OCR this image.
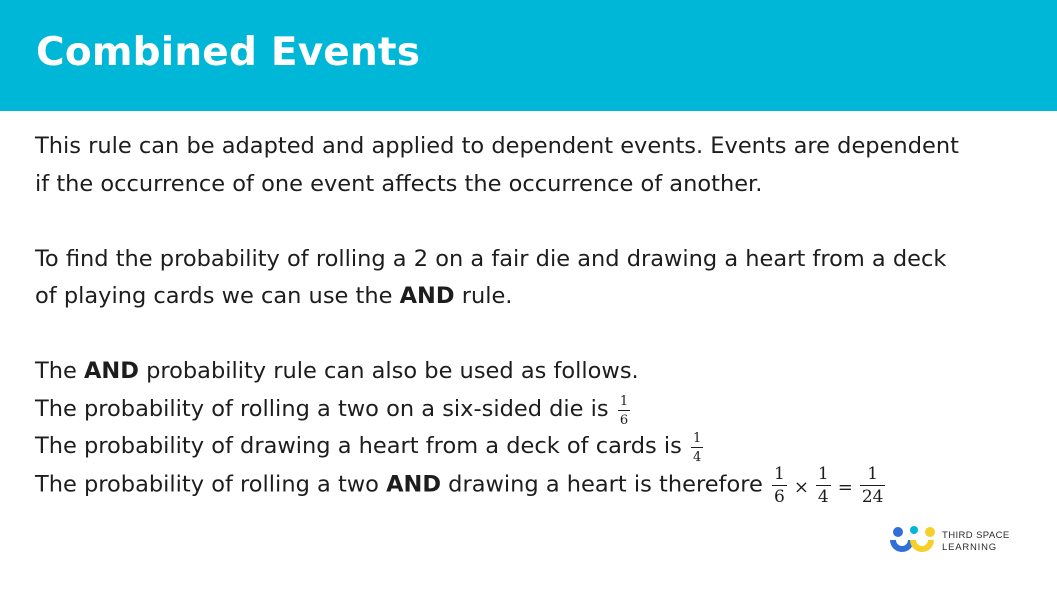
Combined Events

This rule can be adapted and applied to dependent events. Events are dependent

if the occurrence of one event affects the occurrence of another.

To find the probability of rolling a 2 on a fair die and drawing a heart from a deck

of playing cards we can use the AND rule.

The AND probability rule can also be used as follows.

The probability of rolling a two on a six-sided die is $\frac{1}{6}$

The probability of drawing a heart from a deck of cards is $\frac{1}{4}$

The probability of rolling a two AND drawing a heart is therefore $\frac{1}{6} \times \frac{1}{4} = \frac{1}{24}$

THIRD SPACE
LEARNING
